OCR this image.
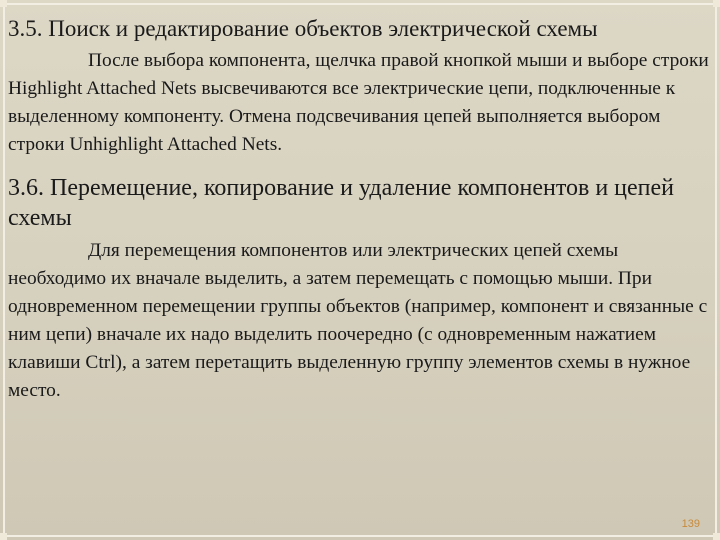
3.5. Поиск и редактирование объектов электрической схемы

После выбора компонента, щелчка правой кнопкой мыши и выборе строки Highlight Attached Nets высвечиваются все электрические цепи, подключенные к выделенному компоненту. Отмена подсвечивания цепей выполняется выбором строки Unhighlight Attached Nets.

3.6. Перемещение, копирование и удаление компонентов и цепей схемы

Для перемещения компонентов или электрических цепей схемы необходимо их вначале выделить, а затем перемещать с помощью мыши. При одновременном перемещении группы объектов (например, компонент и связанные с ним цепи) вначале их надо выделить поочередно (с одновременным нажатием клавиши Ctrl), а затем перетащить выделенную группу элементов схемы в нужное место.

139
